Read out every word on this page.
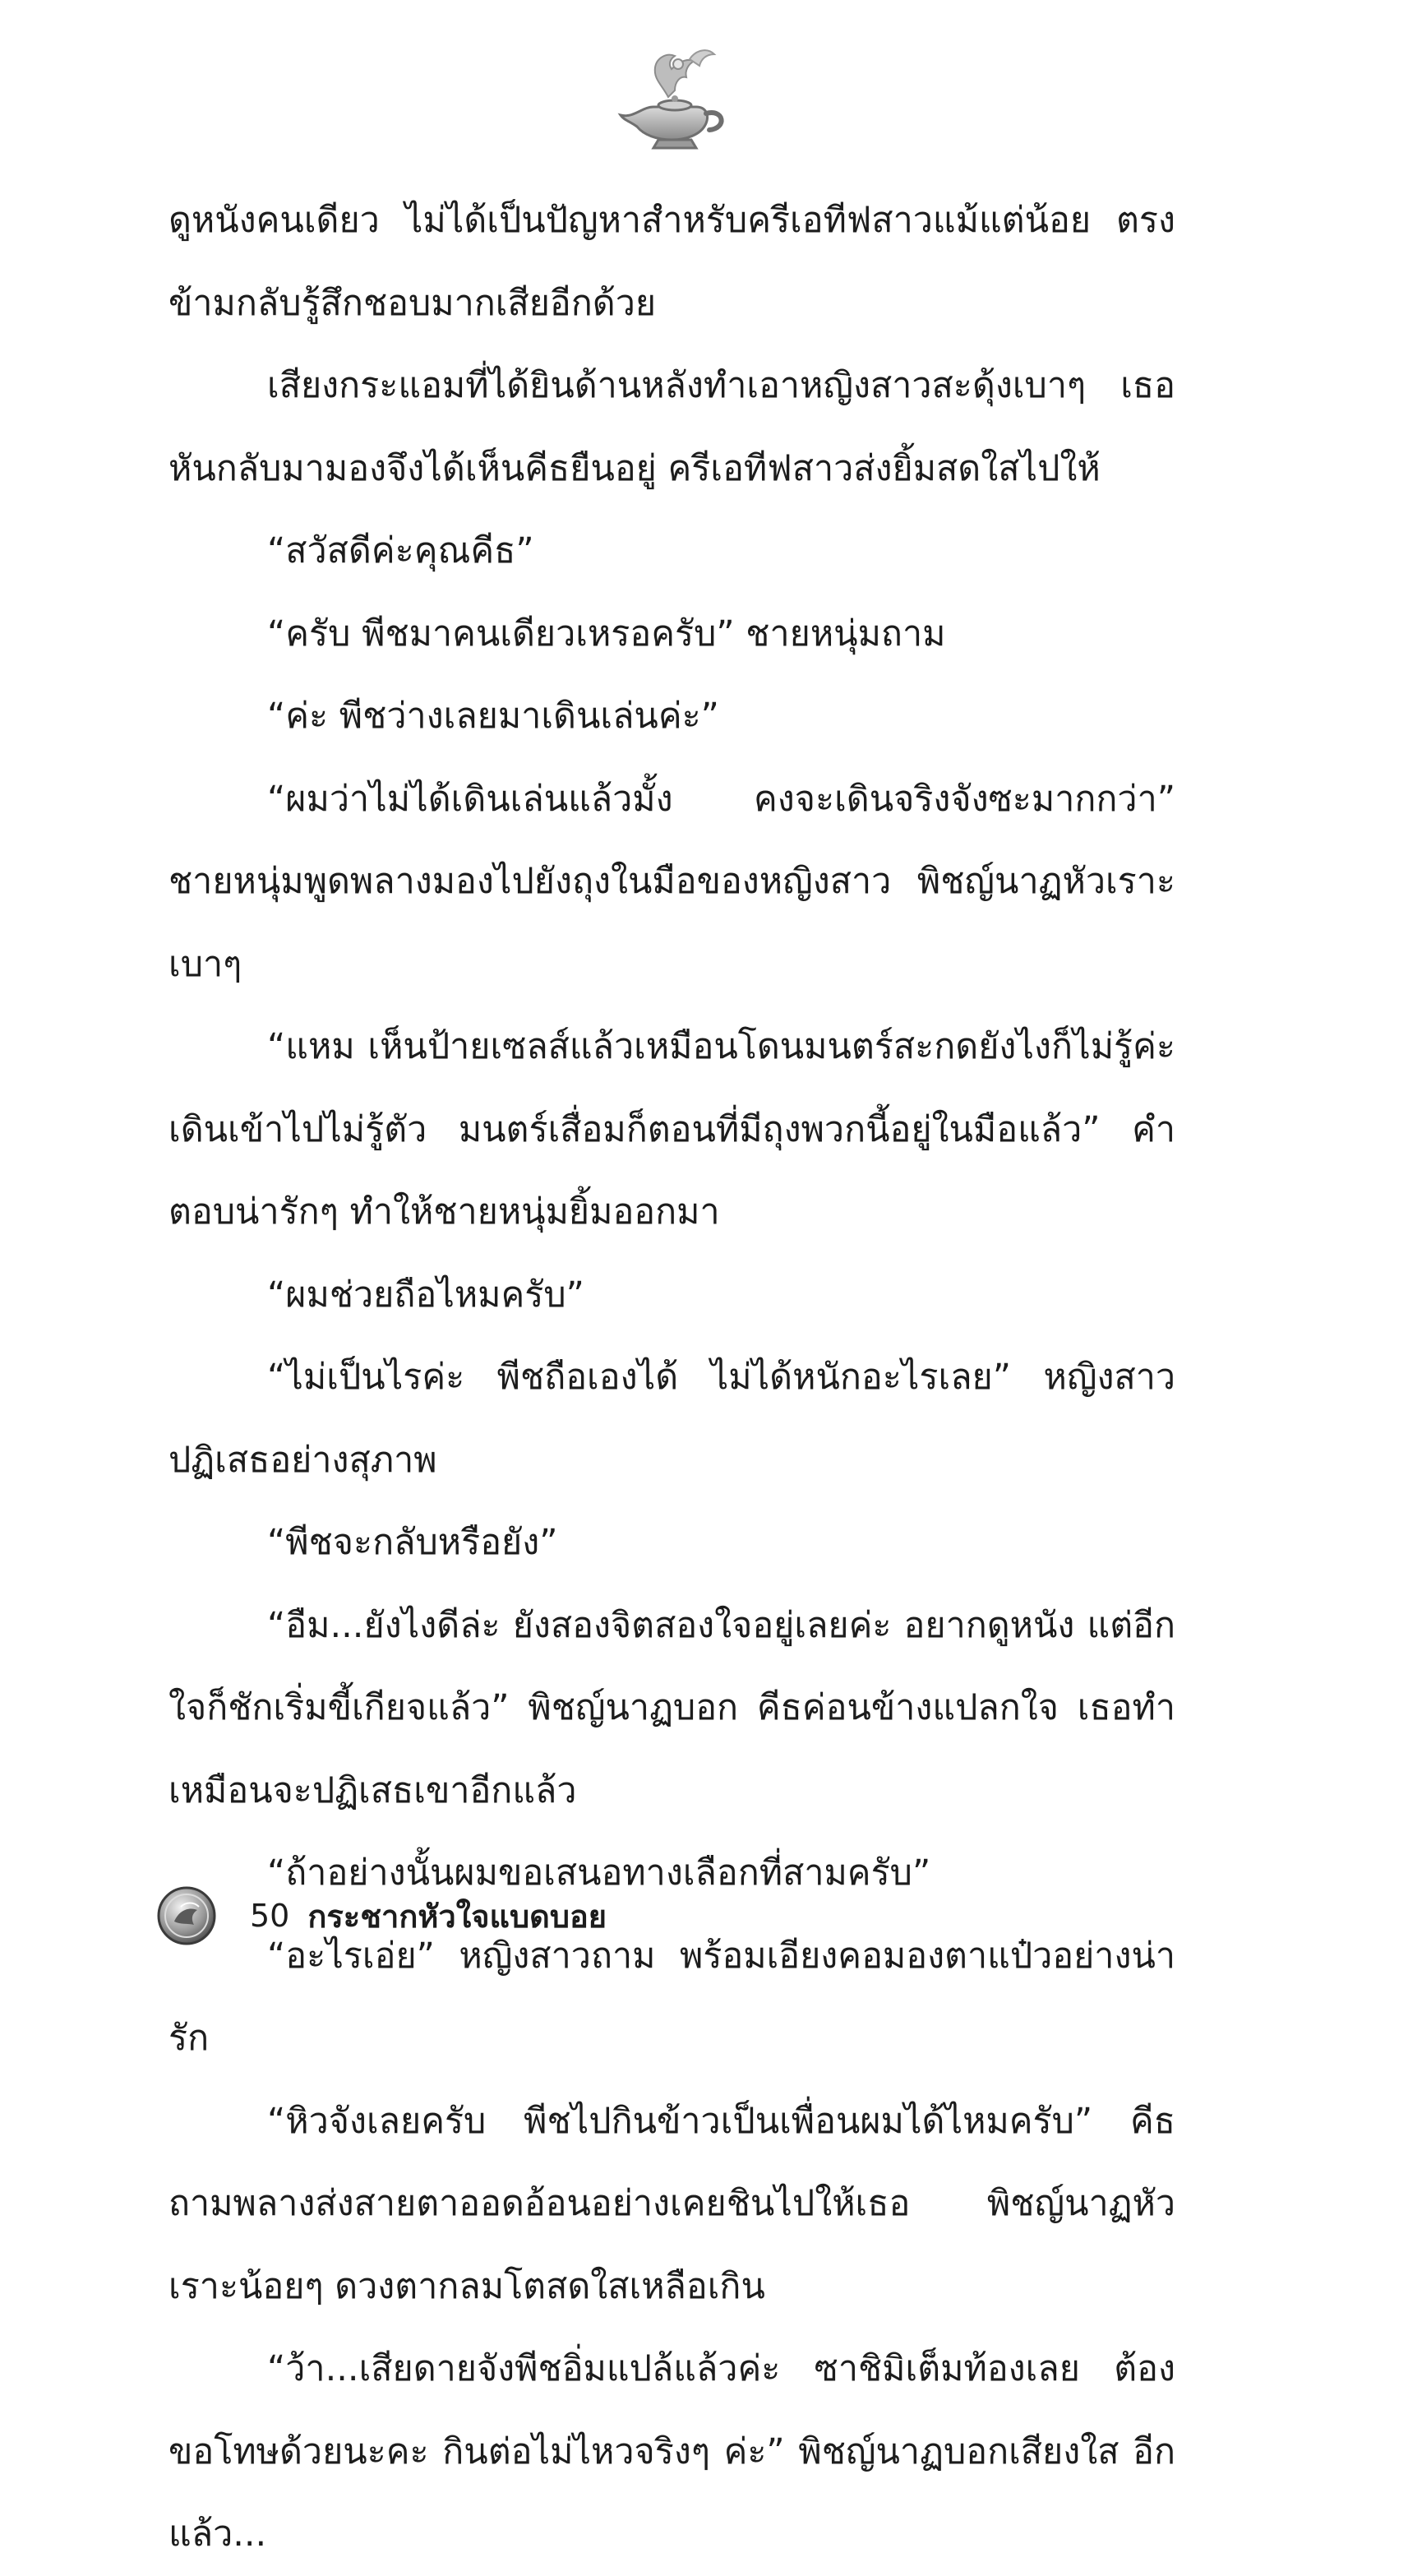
ดูหนังคนเดียว ไม่ได้เป็นปัญหาสำหรับครีเอทีฟสาวแม้แต่น้อย ตรงข้ามกลับรู้สึกชอบมากเสียอีกด้วย

เสียงกระแอมที่ได้ยินด้านหลังทำเอาหญิงสาวสะดุ้งเบาๆ เธอหันกลับมามองจึงได้เห็นคีธยืนอยู่ ครีเอทีฟสาวส่งยิ้มสดใสไปให้

“สวัสดีค่ะคุณคีธ”

“ครับ พีชมาคนเดียวเหรอครับ” ชายหนุ่มถาม

“ค่ะ พีชว่างเลยมาเดินเล่นค่ะ”

“ผมว่าไม่ได้เดินเล่นแล้วมั้ง คงจะเดินจริงจังซะมากกว่า” ชายหนุ่มพูดพลางมองไปยังถุงในมือของหญิงสาว พิชญ์นาฏหัวเราะเบาๆ

“แหม เห็นป้ายเซลส์แล้วเหมือนโดนมนตร์สะกดยังไงก็ไม่รู้ค่ะ เดินเข้าไปไม่รู้ตัว มนตร์เสื่อมก็ตอนที่มีถุงพวกนี้อยู่ในมือแล้ว” คำตอบน่ารักๆ ทำให้ชายหนุ่มยิ้มออกมา

“ผมช่วยถือไหมครับ”

“ไม่เป็นไรค่ะ พีชถือเองได้ ไม่ได้หนักอะไรเลย” หญิงสาวปฏิเสธอย่างสุภาพ

“พีชจะกลับหรือยัง”

“อืม...ยังไงดีล่ะ ยังสองจิตสองใจอยู่เลยค่ะ อยากดูหนัง แต่อีกใจก็ชักเริ่มขี้เกียจแล้ว” พิชญ์นาฏบอก คีธค่อนข้างแปลกใจ เธอทำเหมือนจะปฏิเสธเขาอีกแล้ว

“ถ้าอย่างนั้นผมขอเสนอทางเลือกที่สามครับ”

“อะไรเอ่ย” หญิงสาวถาม พร้อมเอียงคอมองตาแป๋วอย่างน่ารัก

“หิวจังเลยครับ พีชไปกินข้าวเป็นเพื่อนผมได้ไหมครับ” คีธถามพลางส่งสายตาออดอ้อนอย่างเคยชินไปให้เธอ พิชญ์นาฏหัวเราะน้อยๆ ดวงตากลมโตสดใสเหลือเกิน

“ว้า...เสียดายจังพีชอิ่มแปล้แล้วค่ะ ซาชิมิเต็มท้องเลย ต้องขอโทษด้วยนะคะ กินต่อไม่ไหวจริงๆ ค่ะ” พิชญ์นาฏบอกเสียงใส อีกแล้ว...

50 กระชากหัวใจแบดบอย
